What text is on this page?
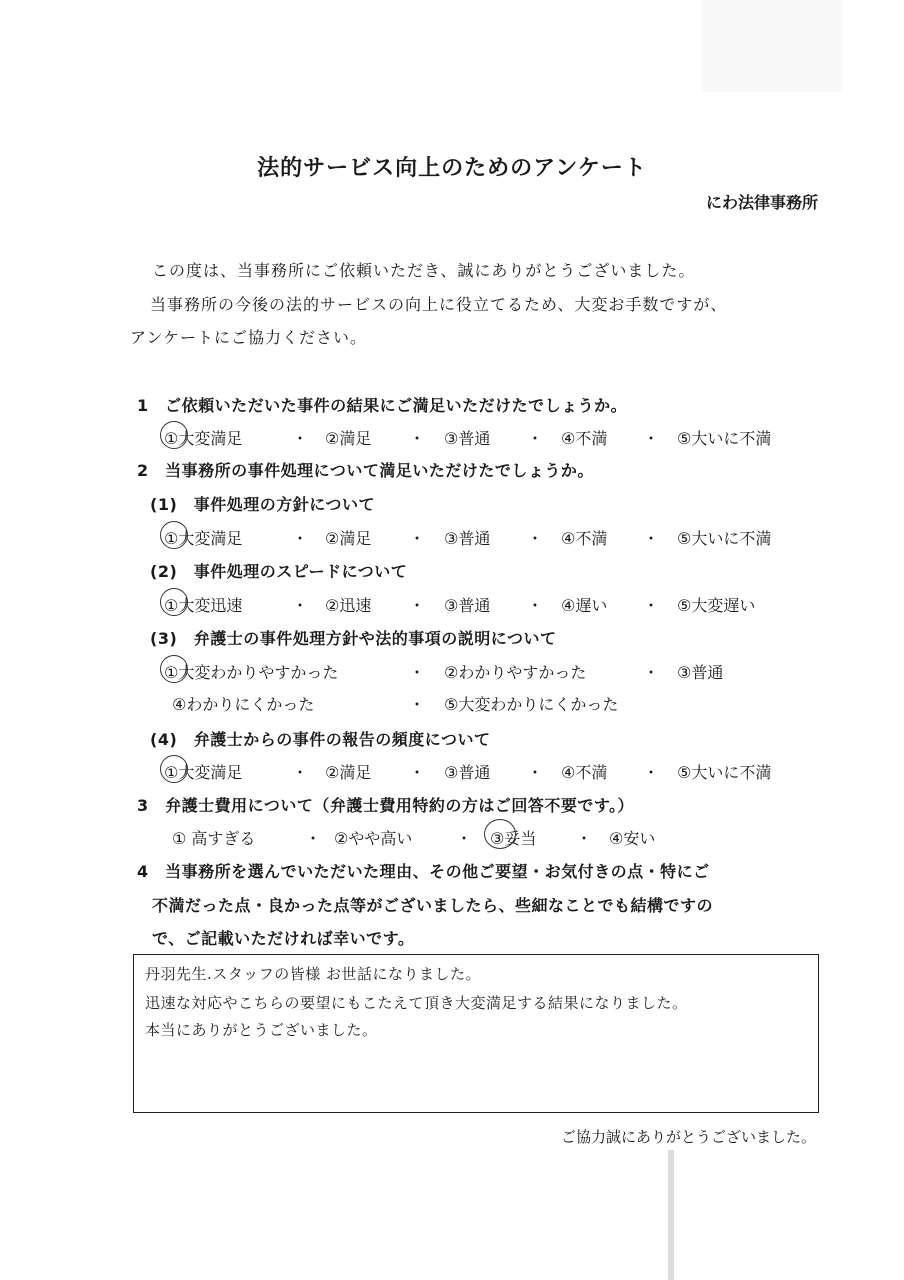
法的サービス向上のためのアンケート
にわ法律事務所

この度は、当事務所にご依頼いただき、誠にありがとうございました。

当事務所の今後の法的サービスの向上に役立てるため、大変お手数ですが、

アンケートにご協力ください。

1　ご依頼いただいた事件の結果にご満足いただけたでしょうか。
①大変満足	・ ②満足 ・ ③普通 ・ ④不満 ・ ⑤大いに不満
2　当事務所の事件処理について満足いただけたでしょうか。
(1)　事件処理の方針について
①大変満足	・ ②満足 ・ ③普通 ・ ④不満 ・ ⑤大いに不満
(2)　事件処理のスピードについて
①大変迅速	・ ②迅速 ・ ③普通 ・ ④遅い ・ ⑤大変遅い
(3)　弁護士の事件処理方針や法的事項の説明について
①大変わかりやすかった	・ ②わかりやすかった	・ ③普通
④わかりにくかった	・ ⑤大変わかりにくかった
(4)　弁護士からの事件の報告の頻度について
①大変満足	・ ②満足 ・ ③普通 ・ ④不満 ・ ⑤大いに不満
3　弁護士費用について（弁護士費用特約の方はご回答不要です。）
① 高すぎる	・ ②やや高い	・ ③妥当 ・ ④安い
4　当事務所を選んでいただいた理由、その他ご要望・お気付きの点・特にご
不満だった点・良かった点等がございましたら、些細なことでも結構ですの
で、ご記載いただければ幸いです。
丹羽先生.スタッフの皆様 お世話になりました。
迅速な対応やこちらの要望にもこたえて頂き大変満足する結果になりました。
本当にありがとうございました。
ご協力誠にありがとうございました。
